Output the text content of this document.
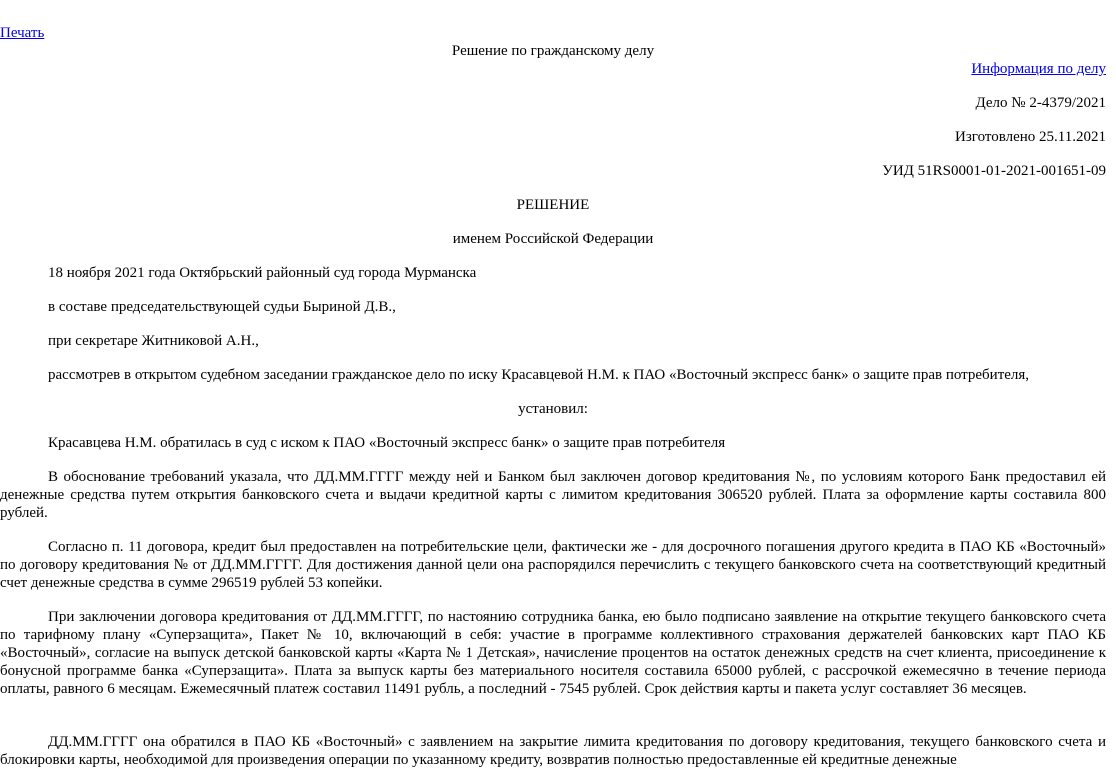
Печать
Решение по гражданскому делу
Информация по делу
Дело № 2-4379/2021
Изготовлено 25.11.2021
УИД 51RS0001-01-2021-001651-09
РЕШЕНИЕ
именем Российской Федерации
18 ноября 2021 года Октябрьский районный суд города Мурманска
в составе председательствующей судьи Быриной Д.В.,
при секретаре Житниковой А.Н.,
рассмотрев в открытом судебном заседании гражданское дело по иску Красавцевой Н.М. к ПАО «Восточный экспресс банк» о защите прав потребителя,
установил:
Красавцева Н.М. обратилась в суд с иском к ПАО «Восточный экспресс банк» о защите прав потребителя

В обоснование требований указала, что ДД.ММ.ГГГГ между ней и Банком был заключен договор кредитования №, по условиям которого Банк предоставил ей денежные средства путем открытия банковского счета и выдачи кредитной карты с лимитом кредитования 306520 рублей. Плата за оформление карты составила 800 рублей.

Согласно п. 11 договора, кредит был предоставлен на потребительские цели, фактически же - для досрочного погашения другого кредита в ПАО КБ «Восточный» по договору кредитования № от ДД.ММ.ГГГГ. Для достижения данной цели она распорядился перечислить с текущего банковского счета на соответствующий кредитный счет денежные средства в сумме 296519 рублей 53 копейки.

При заключении договора кредитования от ДД.ММ.ГГГГ, по настоянию сотрудника банка, ею было подписано заявление на открытие текущего банковского счета по тарифному плану «Суперзащита», Пакет № 10, включающий в себя: участие в программе коллективного страхования держателей банковских карт ПАО КБ «Восточный», согласие на выпуск детской банковской карты «Карта № 1 Детская», начисление процентов на остаток денежных средств на счет клиента, присоединение к бонусной программе банка «Суперзащита». Плата за выпуск карты без материального носителя составила 65000 рублей, с рассрочкой ежемесячно в течение периода оплаты, равного 6 месяцам. Ежемесячный платеж составил 11491 рубль, а последний - 7545 рублей. Срок действия карты и пакета услуг составляет 36 месяцев.

ДД.ММ.ГГГГ она обратился в ПАО КБ «Восточный» с заявлением на закрытие лимита кредитования по договору кредитования, текущего банковского счета и блокировки карты, необходимой для произведения операции по указанному кредиту, возвратив полностью предоставленные ей кредитные денежные
